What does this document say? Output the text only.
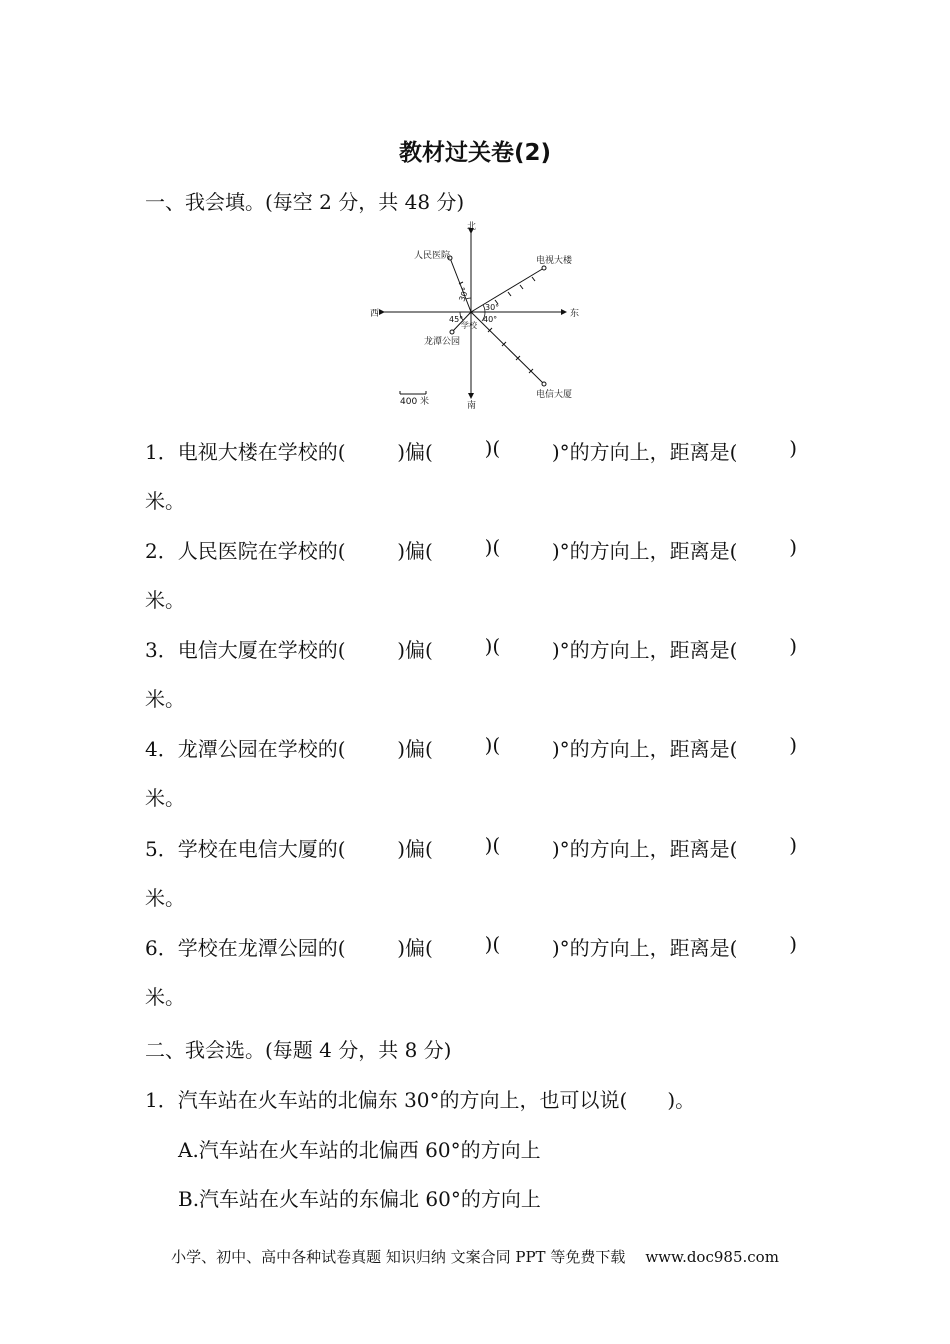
教材过关卷(2)
一、我会填。(每空 2 分，共 48 分)
北
南
东
西
人民医院	电视大楼
电信大厦
龙潭公园
学校
30°
30°
40°
45°
400 米
1．电视大楼在学校的(	)偏(	)(	)°的方向上，距离是(	)
米。
2．人民医院在学校的(	)偏(	)(	)°的方向上，距离是(	)
米。
3．电信大厦在学校的(	)偏(	)(	)°的方向上，距离是(	)
米。
4．龙潭公园在学校的(	)偏(	)(	)°的方向上，距离是(	)
米。
5．学校在电信大厦的(	)偏(	)(	)°的方向上，距离是(	)
米。
6．学校在龙潭公园的(	)偏(	)(	)°的方向上，距离是(	)
米。
二、我会选。(每题 4 分，共 8 分)
1．汽车站在火车站的北偏东 30°的方向上，也可以说(　　)。
A.汽车站在火车站的北偏西 60°的方向上
B.汽车站在火车站的东偏北 60°的方向上
小学、初中、高中各种试卷真题 知识归纳 文案合同 PPT 等免费下载 www.doc985.com
